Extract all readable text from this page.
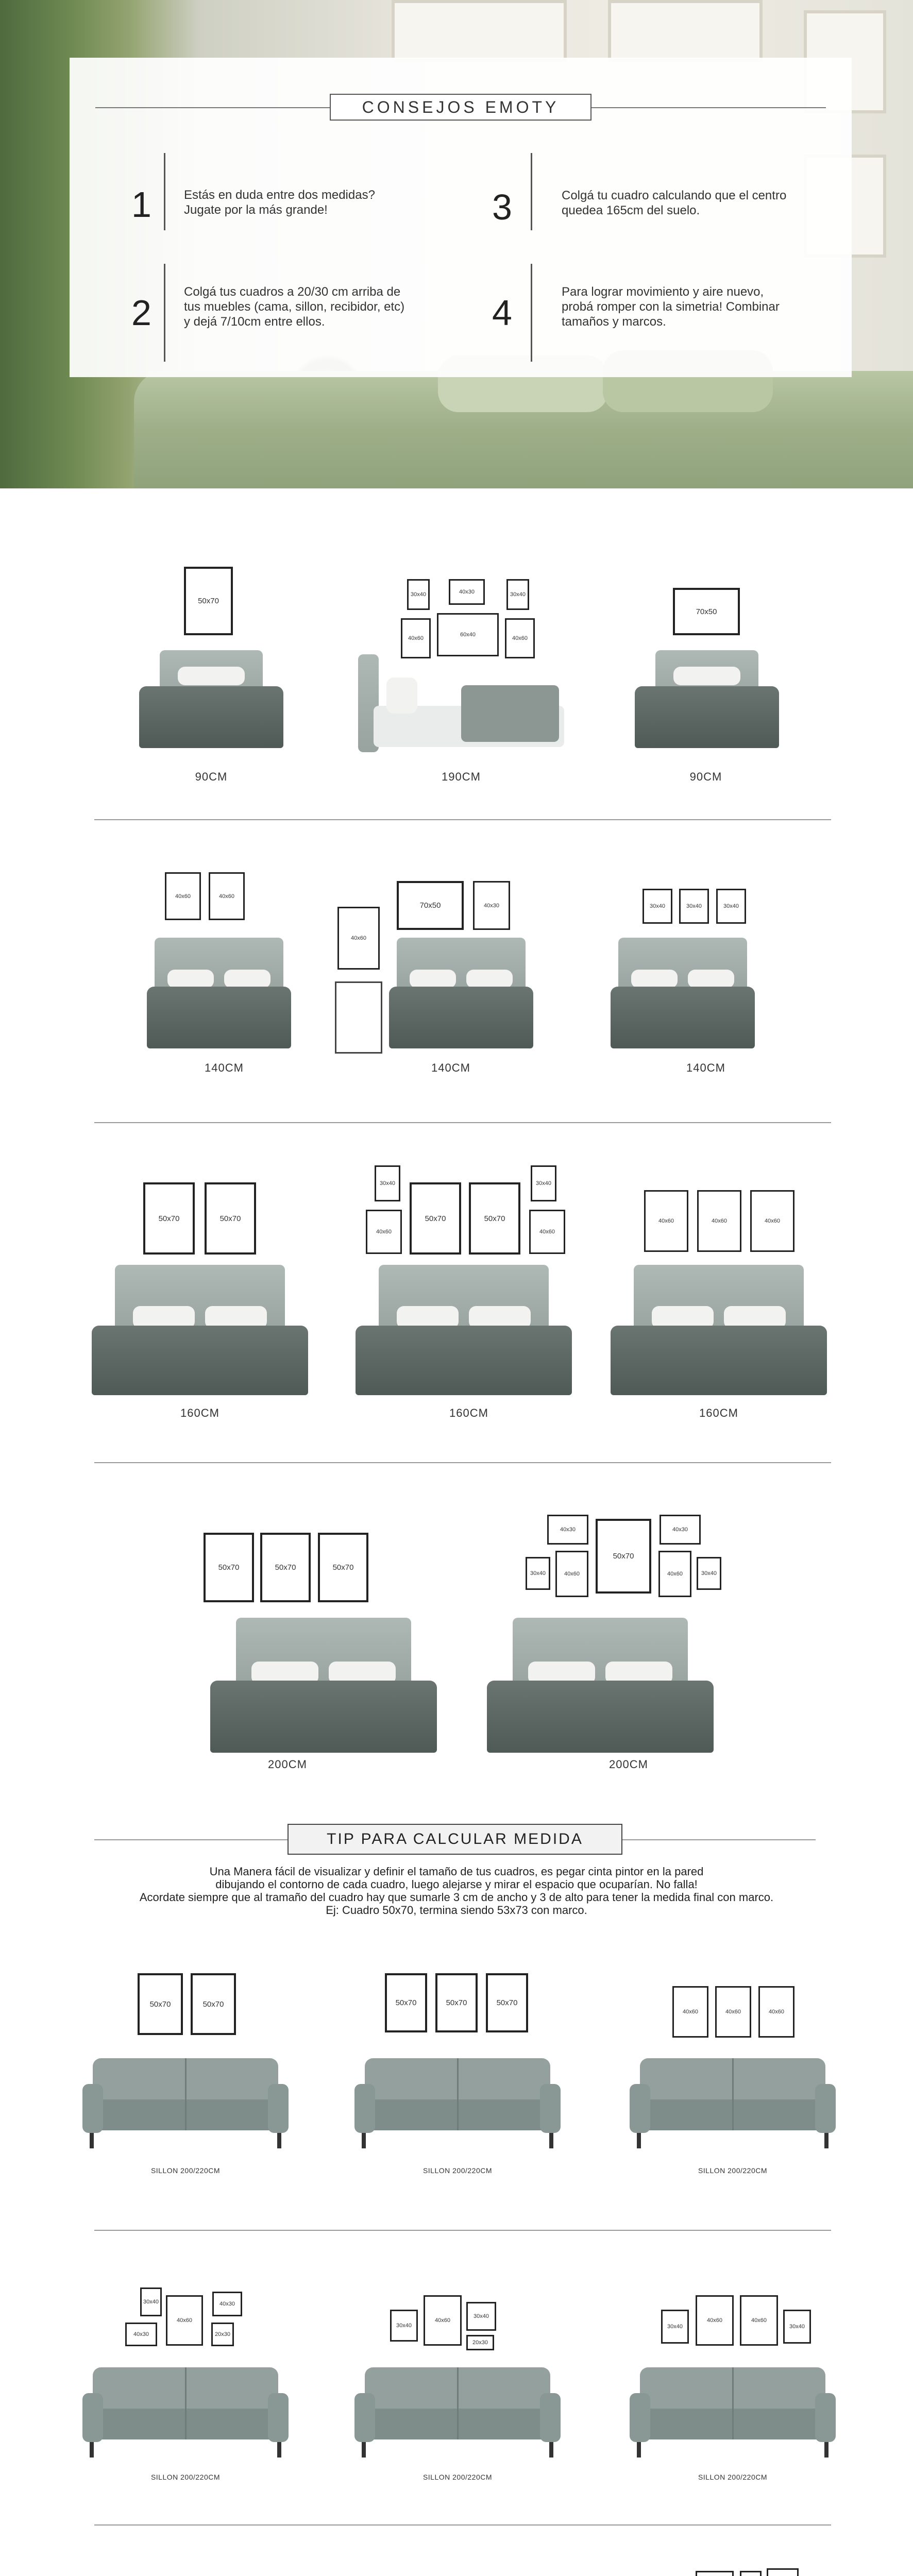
CONSEJOS EMOTY
1	Estás en duda entre dos medidas?
Jugate por la más grande!
2
Colgá tus cuadros a 20/30 cm arriba de
tus muebles (cama, sillon, recibidor, etc)
y dejá 7/10cm entre ellos.
3	Colgá tu cuadro calculando que el centro
quedea 165cm del suelo.
4
Para lograr movimiento y aire nuevo,
probá romper con la simetria! Combinar
tamaños y marcos.
50x70
90CM
30x40	40x30	30x40
40x60
60x40
40x60
190CM
70x50
90CM
40x60	40x60
140CM
40x60
70x50	40x30
140CM
30x40	30x40	30x40
140CM
50x70	50x70
160CM
30x40
40x60
50x70	50x70
30x40
40x60
160CM
40x60	40x60	40x60
160CM
50x70	50x70	50x70
200CM
40x30	40x30
30x40	40x60
50x70
40x60	30x40
200CM
TIP PARA CALCULAR MEDIDA
Una Manera fácil de visualizar y definir el tamaño de tus cuadros, es pegar cinta pintor en la pared
dibujando el contorno de cada cuadro, luego alejarse y mirar el espacio que ocuparían. No falla!
Acordate siempre que al tramaño del cuadro hay que sumarle 3 cm de ancho y 3 de alto para tener la medida final con marco.
Ej: Cuadro 50x70, termina siendo 53x73 con marco.
50x70	50x70
SILLON 200/220CM
50x70	50x70	50x70
SILLON 200/220CM
40x60	40x60	40x60
SILLON 200/220CM
30x40	40x30
40x60
40x30	20x30
SILLON 200/220CM
30x40
40x60
30x40
20x30
SILLON 200/220CM
30x40
40x60	40x60
30x40
SILLON 200/220CM
